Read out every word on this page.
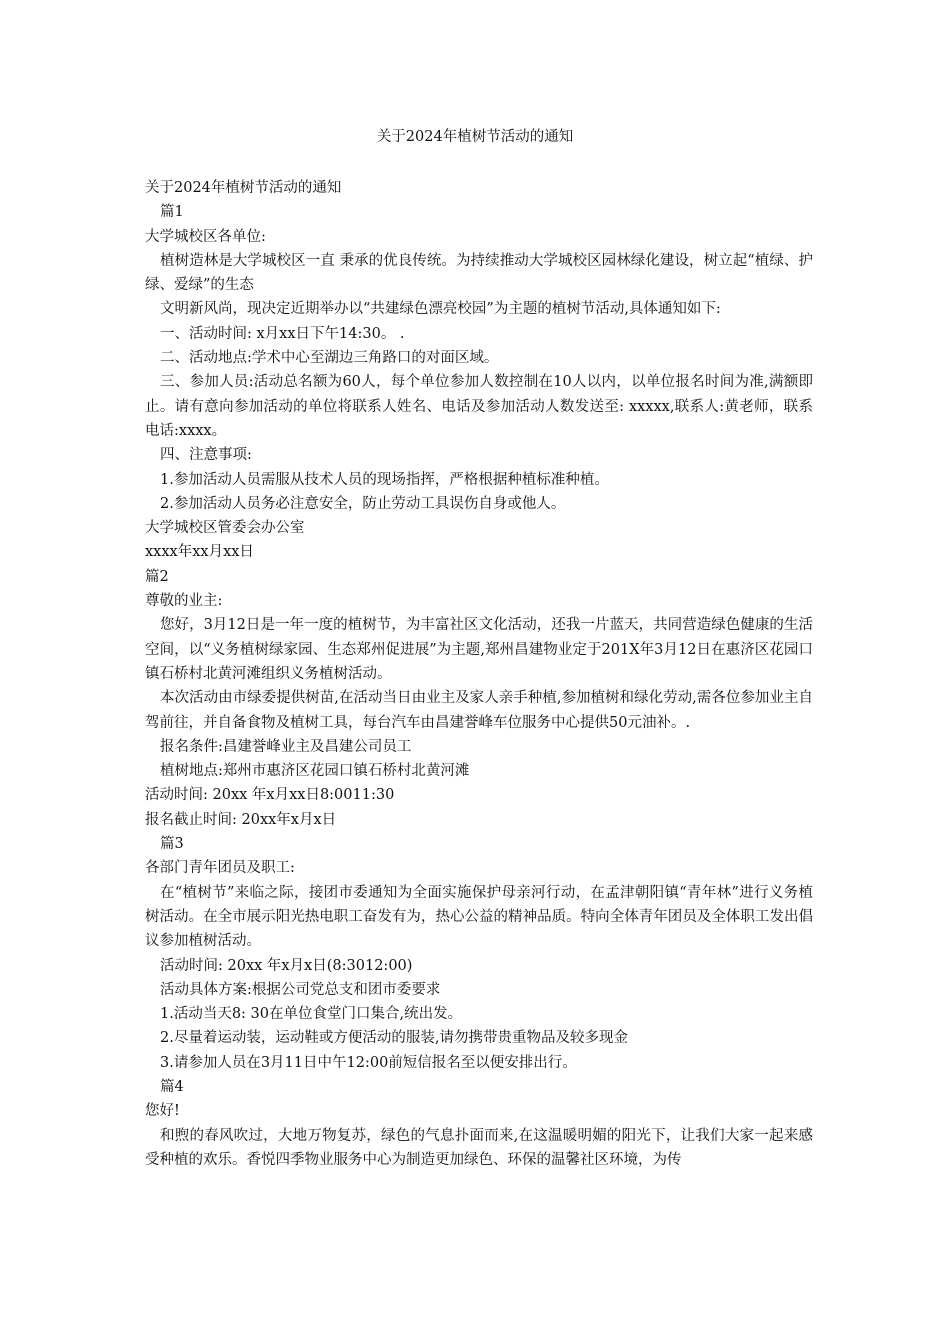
关于2024年植树节活动的通知

关于2024年植树节活动的通知

篇1

大学城校区各单位:

植树造林是大学城校区一直 秉承的优良传统。为持续推动大学城校区园林绿化建设，树立起“植绿、护绿、爱绿”的生态

文明新风尚，现决定近期举办以“共建绿色漂亮校园”为主题的植树节活动,具体通知如下:

一、活动时间: x月xx日下午14:30。 .

二、活动地点:学术中心至湖边三角路口的对面区域。

三、参加人员:活动总名额为60人，每个单位参加人数控制在10人以内，以单位报名时间为准,满额即止。请有意向参加活动的单位将联系人姓名、电话及参加活动人数发送至: xxxxx,联系人:黄老师，联系电话:xxxx。

四、注意事项:

1.参加活动人员需服从技术人员的现场指挥，严格根据种植标准种植。

2.参加活动人员务必注意安全，防止劳动工具误伤自身或他人。

大学城校区管委会办公室

xxxx年xx月xx日

篇2

尊敬的业主:

您好，3月12日是一年一度的植树节，为丰富社区文化活动，还我一片蓝天，共同营造绿色健康的生活空间，以“义务植树绿家园、生态郑州促进展”为主题,郑州昌建物业定于201X年3月12日在惠济区花园口镇石桥村北黄河滩组织义务植树活动。

本次活动由市绿委提供树苗,在活动当日由业主及家人亲手种植,参加植树和绿化劳动,需各位参加业主自驾前往，并自备食物及植树工具，每台汽车由昌建誉峰车位服务中心提供50元油补。.

报名条件:昌建誉峰业主及昌建公司员工

植树地点:郑州市惠济区花园口镇石桥村北黄河滩

活动时间: 20xx 年x月xx日8:0011:30

报名截止时间: 20xx年x月x日

篇3

各部门青年团员及职工:

在“植树节”来临之际，接团市委通知为全面实施保护母亲河行动，在孟津朝阳镇“青年林”进行义务植树活动。在全市展示阳光热电职工奋发有为，热心公益的精神品质。特向全体青年团员及全体职工发出倡议参加植树活动。

活动时间: 20xx 年x月x日(8:3012:00)

活动具体方案:根据公司党总支和团市委要求

1.活动当天8: 30在单位食堂门口集合,统出发。

2.尽量着运动装，运动鞋或方便活动的服装,请勿携带贵重物品及较多现金

3.请参加人员在3月11日中午12:00前短信报名至以便安排出行。

篇4

您好!

和煦的春风吹过，大地万物复苏，绿色的气息扑面而来,在这温暖明媚的阳光下，让我们大家一起来感受种植的欢乐。香悦四季物业服务中心为制造更加绿色、环保的温馨社区环境，为传
